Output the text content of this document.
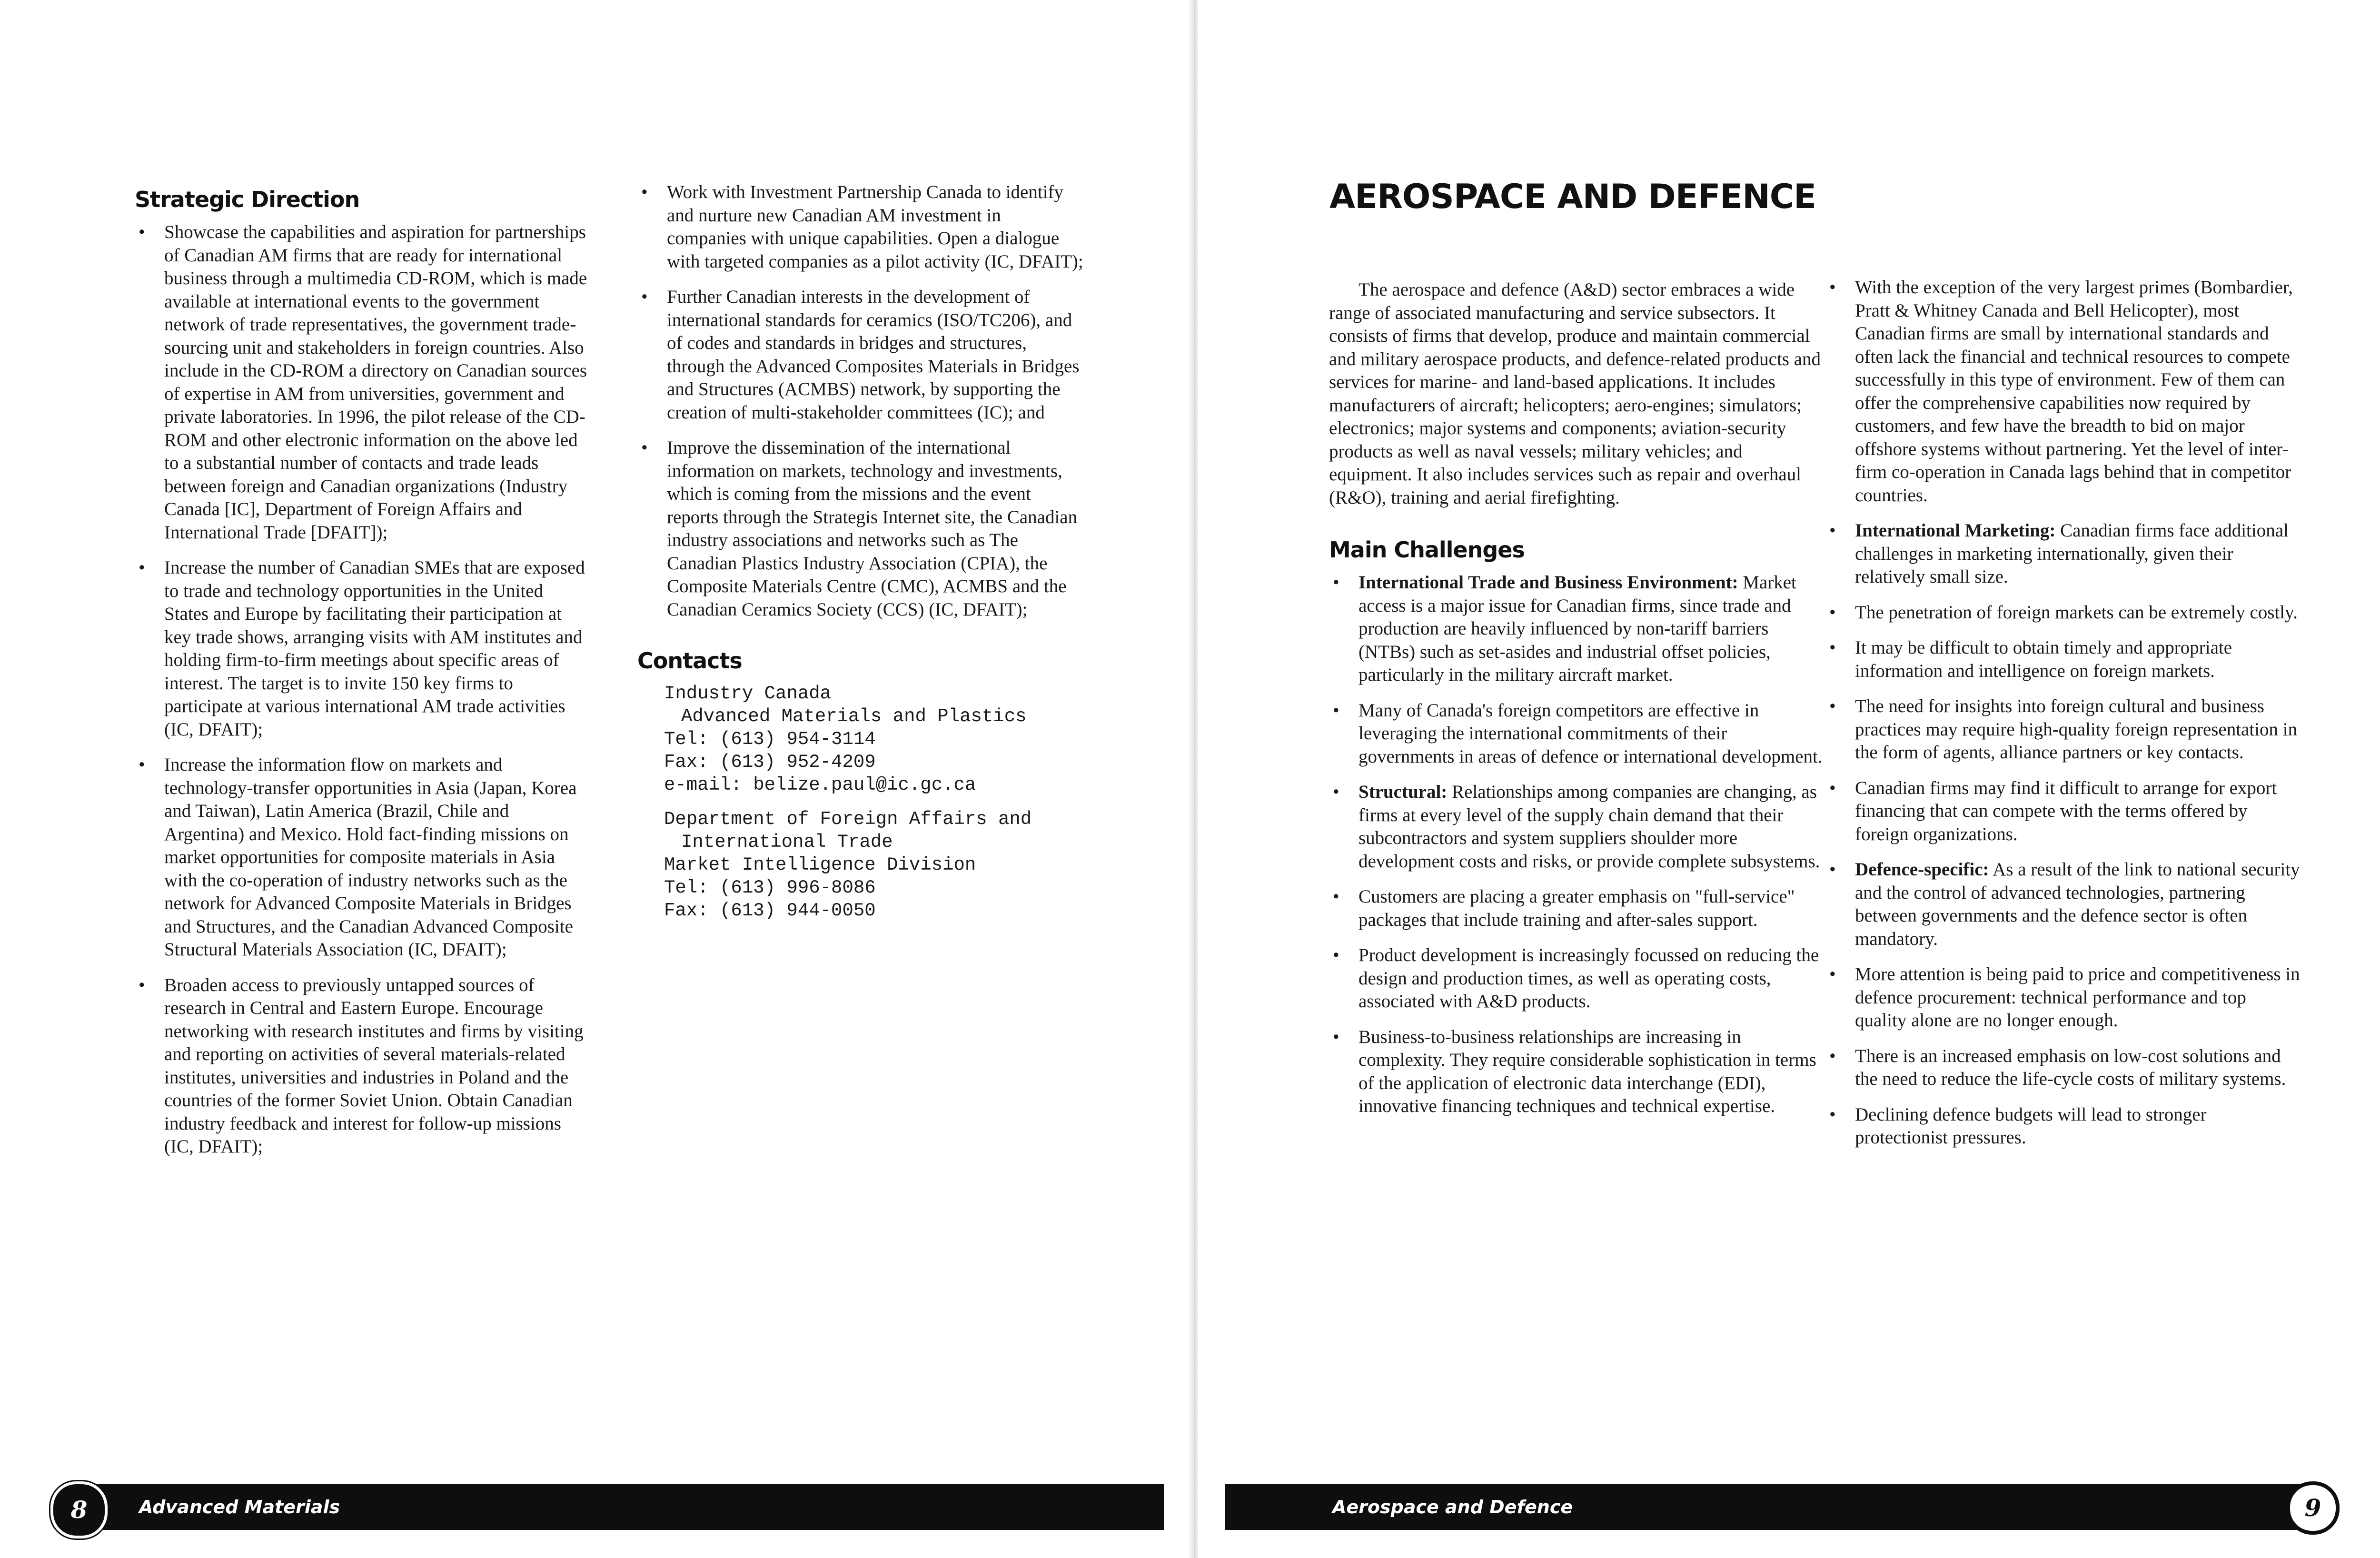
Strategic Direction
• Showcase the capabilities and aspiration for partnerships of Canadian AM firms that are ready for international business through a multimedia CD-ROM, which is made available at international events to the government network of trade representatives, the government trade-sourcing unit and stakeholders in foreign countries. Also include in the CD-ROM a directory on Canadian sources of expertise in AM from universities, government and private laboratories. In 1996, the pilot release of the CD-ROM and other electronic information on the above led to a substantial number of contacts and trade leads between foreign and Canadian organizations (Industry Canada [IC], Department of Foreign Affairs and International Trade [DFAIT]);
• Increase the number of Canadian SMEs that are exposed to trade and technology opportunities in the United States and Europe by facilitating their participation at key trade shows, arranging visits with AM institutes and holding firm-to-firm meetings about specific areas of interest. The target is to invite 150 key firms to participate at various international AM trade activities (IC, DFAIT);
• Increase the information flow on markets and technology-transfer opportunities in Asia (Japan, Korea and Taiwan), Latin America (Brazil, Chile and Argentina) and Mexico. Hold fact-finding missions on market opportunities for composite materials in Asia with the co-operation of industry networks such as the network for Advanced Composite Materials in Bridges and Structures, and the Canadian Advanced Composite Structural Materials Association (IC, DFAIT);
• Broaden access to previously untapped sources of research in Central and Eastern Europe. Encourage networking with research institutes and firms by visiting and reporting on activities of several materials-related institutes, universities and industries in Poland and the countries of the former Soviet Union. Obtain Canadian industry feedback and interest for follow-up missions (IC, DFAIT);
• Work with Investment Partnership Canada to identify and nurture new Canadian AM investment in companies with unique capabilities. Open a dialogue with targeted companies as a pilot activity (IC, DFAIT);
• Further Canadian interests in the development of international standards for ceramics (ISO/TC206), and of codes and standards in bridges and structures, through the Advanced Composites Materials in Bridges and Structures (ACMBS) network, by supporting the creation of multi-stakeholder committees (IC); and
• Improve the dissemination of the international information on markets, technology and investments, which is coming from the missions and the event reports through the Strategis Internet site, the Canadian industry associations and networks such as The Canadian Plastics Industry Association (CPIA), the Composite Materials Centre (CMC), ACMBS and the Canadian Ceramics Society (CCS) (IC, DFAIT);
Contacts
Industry Canada
Advanced Materials and Plastics
Tel: (613) 954-3114
Fax: (613) 952-4209
e-mail: belize.paul@ic.gc.ca
Department of Foreign Affairs and
International Trade
Market Intelligence Division
Tel: (613) 996-8086
Fax: (613) 944-0050
Advanced Materials
8
AEROSPACE AND DEFENCE

The aerospace and defence (A&D) sector embraces a wide range of associated manufacturing and service subsectors. It consists of firms that develop, produce and maintain commercial and military aerospace products, and defence-related products and services for marine- and land-based applications. It includes manufacturers of aircraft; helicopters; aero-engines; simulators; electronics; major systems and components; aviation-security products as well as naval vessels; military vehicles; and equipment. It also includes services such as repair and overhaul (R&O), training and aerial firefighting.

Main Challenges
• International Trade and Business Environment: Market access is a major issue for Canadian firms, since trade and production are heavily influenced by non-tariff barriers (NTBs) such as set-asides and industrial offset policies, particularly in the military aircraft market.
• Many of Canada's foreign competitors are effective in leveraging the international commitments of their governments in areas of defence or international development.
• Structural: Relationships among companies are changing, as firms at every level of the supply chain demand that their subcontractors and system suppliers shoulder more development costs and risks, or provide complete subsystems.
• Customers are placing a greater emphasis on "full-service" packages that include training and after-sales support.
• Product development is increasingly focussed on reducing the design and production times, as well as operating costs, associated with A&D products.
• Business-to-business relationships are increasing in complexity. They require considerable sophistication in terms of the application of electronic data interchange (EDI), innovative financing techniques and technical expertise.
• With the exception of the very largest primes (Bombardier, Pratt & Whitney Canada and Bell Helicopter), most Canadian firms are small by international standards and often lack the financial and technical resources to compete successfully in this type of environment. Few of them can offer the comprehensive capabilities now required by customers, and few have the breadth to bid on major offshore systems without partnering. Yet the level of inter-firm co-operation in Canada lags behind that in competitor countries.
• International Marketing: Canadian firms face additional challenges in marketing internationally, given their relatively small size.
• The penetration of foreign markets can be extremely costly.
• It may be difficult to obtain timely and appropriate information and intelligence on foreign markets.
• The need for insights into foreign cultural and business practices may require high-quality foreign representation in the form of agents, alliance partners or key contacts.
• Canadian firms may find it difficult to arrange for export financing that can compete with the terms offered by foreign organizations.
• Defence-specific: As a result of the link to national security and the control of advanced technologies, partnering between governments and the defence sector is often mandatory.
• More attention is being paid to price and competitiveness in defence procurement: technical performance and top quality alone are no longer enough.
• There is an increased emphasis on low-cost solutions and the need to reduce the life-cycle costs of military systems.
• Declining defence budgets will lead to stronger protectionist pressures.
Aerospace and Defence	9
